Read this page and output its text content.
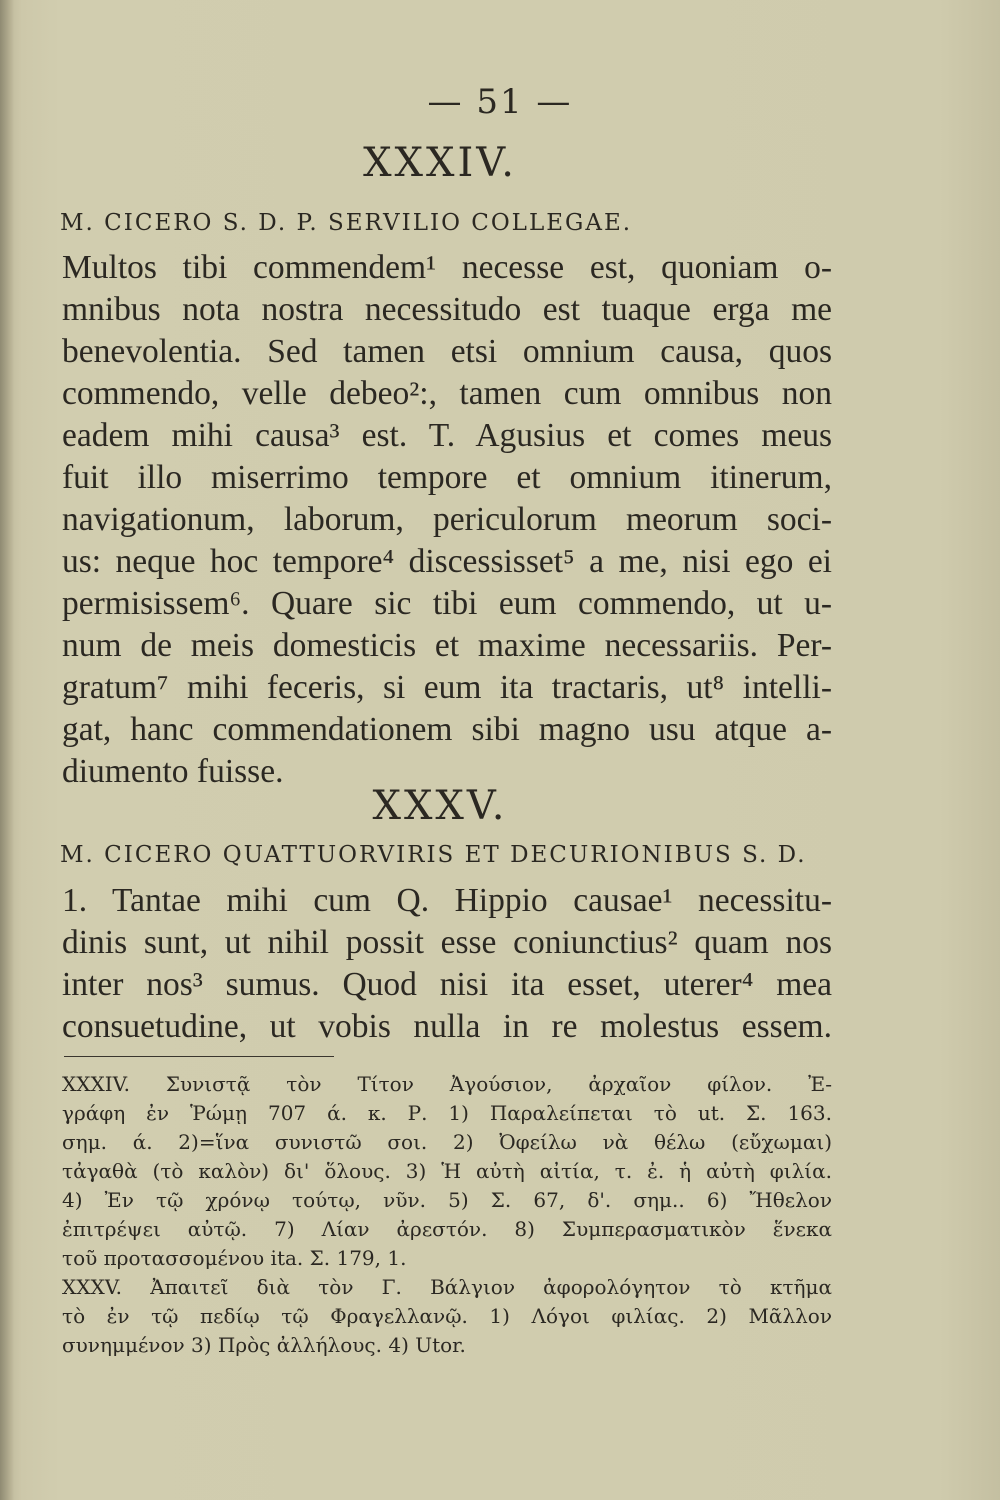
— 51 —
XXXIV.
M. CICERO S. D. P. SERVILIO COLLEGAE.
Multos tibi commendem¹ necesse est, quoniam o-
mnibus nota nostra necessitudo est tuaque erga me
benevolentia. Sed tamen etsi omnium causa, quos
commendo, velle debeo²:, tamen cum omnibus non
eadem mihi causa³ est. T. Agusius et comes meus
fuit illo miserrimo tempore et omnium itinerum,
navigationum, laborum, periculorum meorum soci-
us: neque hoc tempore⁴ discessisset⁵ a me, nisi ego ei
permisissem⁶. Quare sic tibi eum commendo, ut u-
num de meis domesticis et maxime necessariis. Per-
gratum⁷ mihi feceris, si eum ita tractaris, ut⁸ intelli-
gat, hanc commendationem sibi magno usu atque a-
diumento fuisse.
XXXV.
M. CICERO QUATTUORVIRIS ET DECURIONIBUS S. D.
1. Tantae mihi cum Q. Hippio causae¹ necessitu-
dinis sunt, ut nihil possit esse coniunctius² quam nos
inter nos³ sumus. Quod nisi ita esset, uterer⁴ mea
consuetudine, ut vobis nulla in re molestus essem.
XXXIV. Συνιστᾷ τὸν Τίτον Ἀγούσιον, ἀρχαῖον φίλον. Ἐ-
γράφη ἐν Ῥώμῃ 707 ά. κ. Ρ. 1) Παραλείπεται τὸ ut. Σ. 163.
σημ. ά. 2)=ἵνα συνιστῶ σοι. 2) Ὀφείλω νὰ θέλω (εὔχωμαι)
τἀγαθὰ (τὸ καλὸν) δι' ὅλους. 3) Ἡ αὐτὴ αἰτία, τ. ἐ. ἡ αὐτὴ φιλία.
4) Ἐν τῷ χρόνῳ τούτῳ, νῦν. 5) Σ. 67, δ'. σημ.. 6) Ἤθελον
ἐπιτρέψει αὐτῷ. 7) Λίαν ἀρεστόν. 8) Συμπερασματικὸν ἕνεκα
τοῦ προτασσομένου ita. Σ. 179, 1.
XXXV. Ἀπαιτεῖ διὰ τὸν Γ. Βάλγιον ἀφορολόγητον τὸ κτῆμα
τὸ ἐν τῷ πεδίῳ τῷ Φραγελλανῷ. 1) Λόγοι φιλίας. 2) Μᾶλλον
συνημμένον 3) Πρὸς ἀλλήλους. 4) Utor.
